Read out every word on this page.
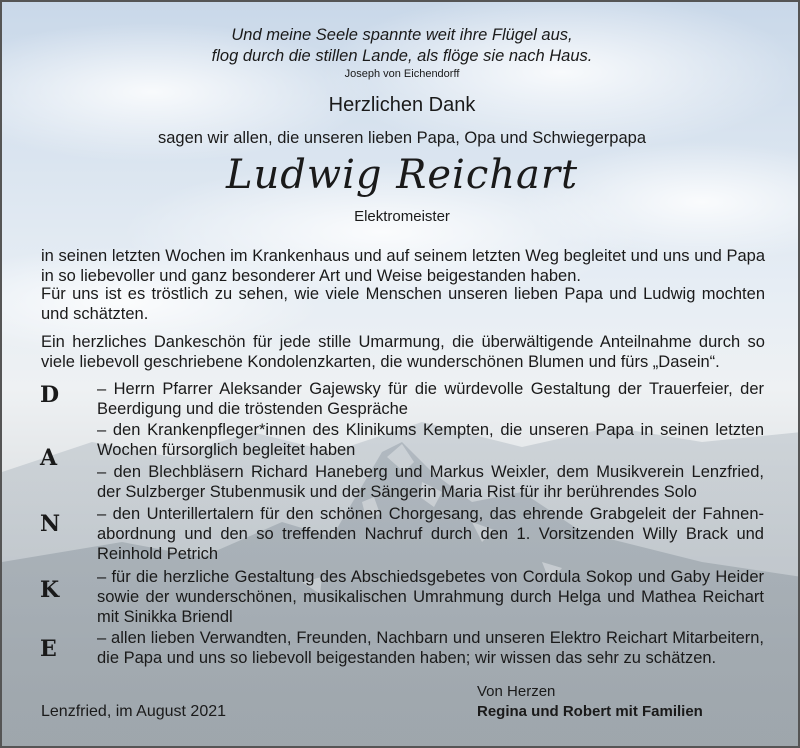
Und meine Seele spannte weit ihre Flügel aus,
flog durch die stillen Lande, als flöge sie nach Haus.
Joseph von Eichendorff
Herzlichen Dank
sagen wir allen, die unseren lieben Papa, Opa und Schwiegerpapa
Ludwig Reichart
Elektromeister
in seinen letzten Wochen im Krankenhaus und auf seinem letzten Weg begleitet und uns und Papa in so liebevoller und ganz besonderer Art und Weise beigestanden haben.
Für uns ist es tröstlich zu sehen, wie viele Menschen unseren lieben Papa und Ludwig mochten und schätzten.
Ein herzliches Dankeschön für jede stille Umarmung, die überwältigende Anteilnahme durch so viele liebevoll geschriebene Kondolenzkarten, die wunderschönen Blumen und fürs „Dasein“.
D
A
N
K
E
– Herrn Pfarrer Aleksander Gajewsky für die würdevolle Gestaltung der Trauerfeier, der Beerdigung und die tröstenden Gespräche
– den Krankenpfleger*innen des Klinikums Kempten, die unseren Papa in seinen letzten Wochen fürsorglich begleitet haben
– den Blechbläsern Richard Haneberg und Markus Weixler, dem Musikverein Lenzfried, der Sulzberger Stubenmusik und der Sängerin Maria Rist für ihr berührendes Solo
– den Unterillertalern für den schönen Chorgesang, das ehrende Grabgeleit der Fahnenabordnung und den so treffenden Nachruf durch den 1. Vorsitzenden Willy Brack und Reinhold Petrich
– für die herzliche Gestaltung des Abschiedsgebetes von Cordula Sokop und Gaby Heider sowie der wunderschönen, musikalischen Umrahmung durch Helga und Mathea Reichart mit Sinikka Briendl
– allen lieben Verwandten, Freunden, Nachbarn und unseren Elektro Reichart Mitarbeitern, die Papa und uns so liebevoll beigestanden haben; wir wissen das sehr zu schätzen.
Lenzfried, im August 2021
Von Herzen
Regina und Robert mit Familien
